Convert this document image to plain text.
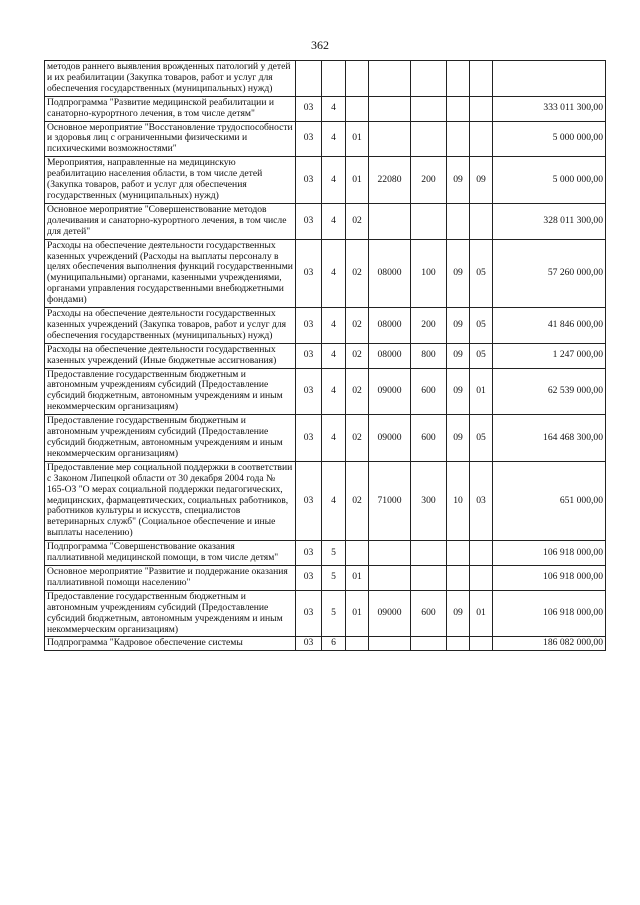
362
методов раннего выявления врожденных патологий у детей и их реабилитации (Закупка товаров, работ и услуг для обеспечения государственных (муниципальных) нужд)								
Подпрограмма "Развитие медицинской реабилитации и санаторно-курортного лечения, в том числе детям"	03	4						333 011 300,00
Основное мероприятие "Восстановление трудоспособности и здоровья лиц с ограниченными физическими и психическими возможностями"	03	4	01					5 000 000,00
Мероприятия, направленные на медицинскую реабилитацию населения области, в том числе детей (Закупка товаров, работ и услуг для обеспечения государственных (муниципальных) нужд)	03	4	01	22080	200	09	09	5 000 000,00
Основное мероприятие "Совершенствование методов долечивания и санаторно-курортного лечения, в том числе для детей"	03	4	02					328 011 300,00
Расходы на обеспечение деятельности государственных казенных учреждений (Расходы на выплаты персоналу в целях обеспечения выполнения функций государственными (муниципальными) органами, казенными учреждениями, органами управления государственными внебюджетными фондами)	03	4	02	08000	100	09	05	57 260 000,00
Расходы на обеспечение деятельности государственных казенных учреждений (Закупка товаров, работ и услуг для обеспечения государственных (муниципальных) нужд)	03	4	02	08000	200	09	05	41 846 000,00
Расходы на обеспечение деятельности государственных казенных учреждений (Иные бюджетные ассигнования)	03	4	02	08000	800	09	05	1 247 000,00
Предоставление государственным бюджетным и автономным учреждениям субсидий (Предоставление субсидий бюджетным, автономным учреждениям и иным некоммерческим организациям)	03	4	02	09000	600	09	01	62 539 000,00
Предоставление государственным бюджетным и автономным учреждениям субсидий (Предоставление субсидий бюджетным, автономным учреждениям и иным некоммерческим организациям)	03	4	02	09000	600	09	05	164 468 300,00
Предоставление мер социальной поддержки в соответствии с Законом Липецкой области от 30 декабря 2004 года № 165-ОЗ "О мерах социальной поддержки педагогических, медицинских, фармацевтических, социальных работников, работников культуры и искусств, специалистов ветеринарных служб" (Социальное обеспечение и иные выплаты населению)	03	4	02	71000	300	10	03	651 000,00
Подпрограмма "Совершенствование оказания паллиативной медицинской помощи, в том числе детям"	03	5						106 918 000,00
Основное мероприятие "Развитие и поддержание оказания паллиативной помощи населению"	03	5	01					106 918 000,00
Предоставление государственным бюджетным и автономным учреждениям субсидий (Предоставление субсидий бюджетным, автономным учреждениям и иным некоммерческим организациям)	03	5	01	09000	600	09	01	106 918 000,00
Подпрограмма "Кадровое обеспечение системы	03	6						186 082 000,00
